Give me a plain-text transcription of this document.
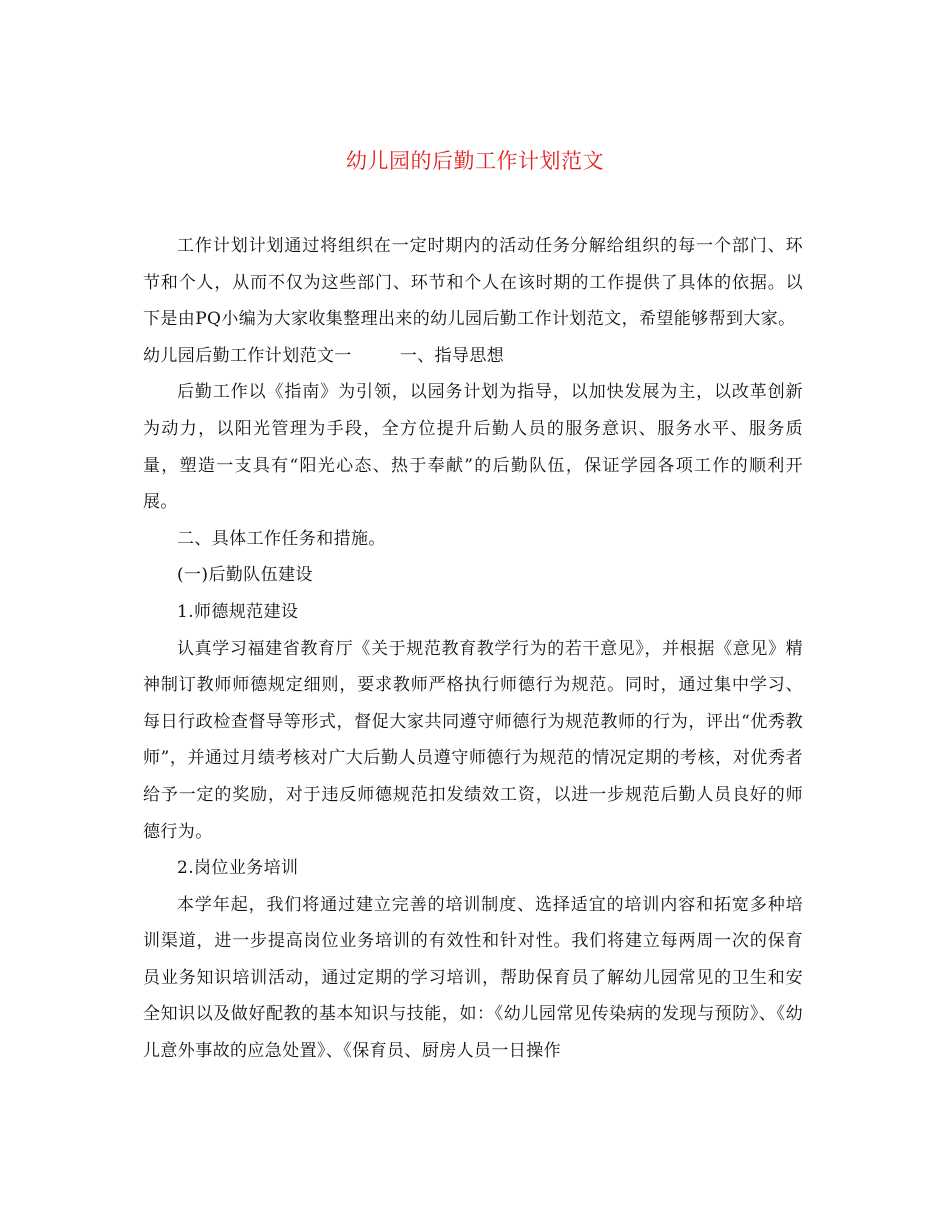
幼儿园的后勤工作计划范文

工作计划计划通过将组织在一定时期内的活动任务分解给组织的每一个部门、环节和个人，从而不仅为这些部门、环节和个人在该时期的工作提供了具体的依据。以下是由PQ小编为大家收集整理出来的幼儿园后勤工作计划范文，希望能够帮到大家。

幼儿园后勤工作计划范文一	一、指导思想

后勤工作以《指南》为引领，以园务计划为指导，以加快发展为主，以改革创新为动力，以阳光管理为手段，全方位提升后勤人员的服务意识、服务水平、服务质量，塑造一支具有“阳光心态、热于奉献”的后勤队伍，保证学园各项工作的顺利开展。

二、具体工作任务和措施。

(一)后勤队伍建设

1.师德规范建设

认真学习福建省教育厅《关于规范教育教学行为的若干意见》，并根据《意见》精神制订教师师德规定细则，要求教师严格执行师德行为规范。同时，通过集中学习、每日行政检查督导等形式，督促大家共同遵守师德行为规范教师的行为，评出“优秀教师”，并通过月绩考核对广大后勤人员遵守师德行为规范的情况定期的考核，对优秀者给予一定的奖励，对于违反师德规范扣发绩效工资，以进一步规范后勤人员良好的师德行为。

2.岗位业务培训

本学年起，我们将通过建立完善的培训制度、选择适宜的培训内容和拓宽多种培训渠道，进一步提高岗位业务培训的有效性和针对性。我们将建立每两周一次的保育员业务知识培训活动，通过定期的学习培训，帮助保育员了解幼儿园常见的卫生和安全知识以及做好配教的基本知识与技能，如：《幼儿园常见传染病的发现与预防》、《幼儿意外事故的应急处置》、《保育员、厨房人员一日操作
